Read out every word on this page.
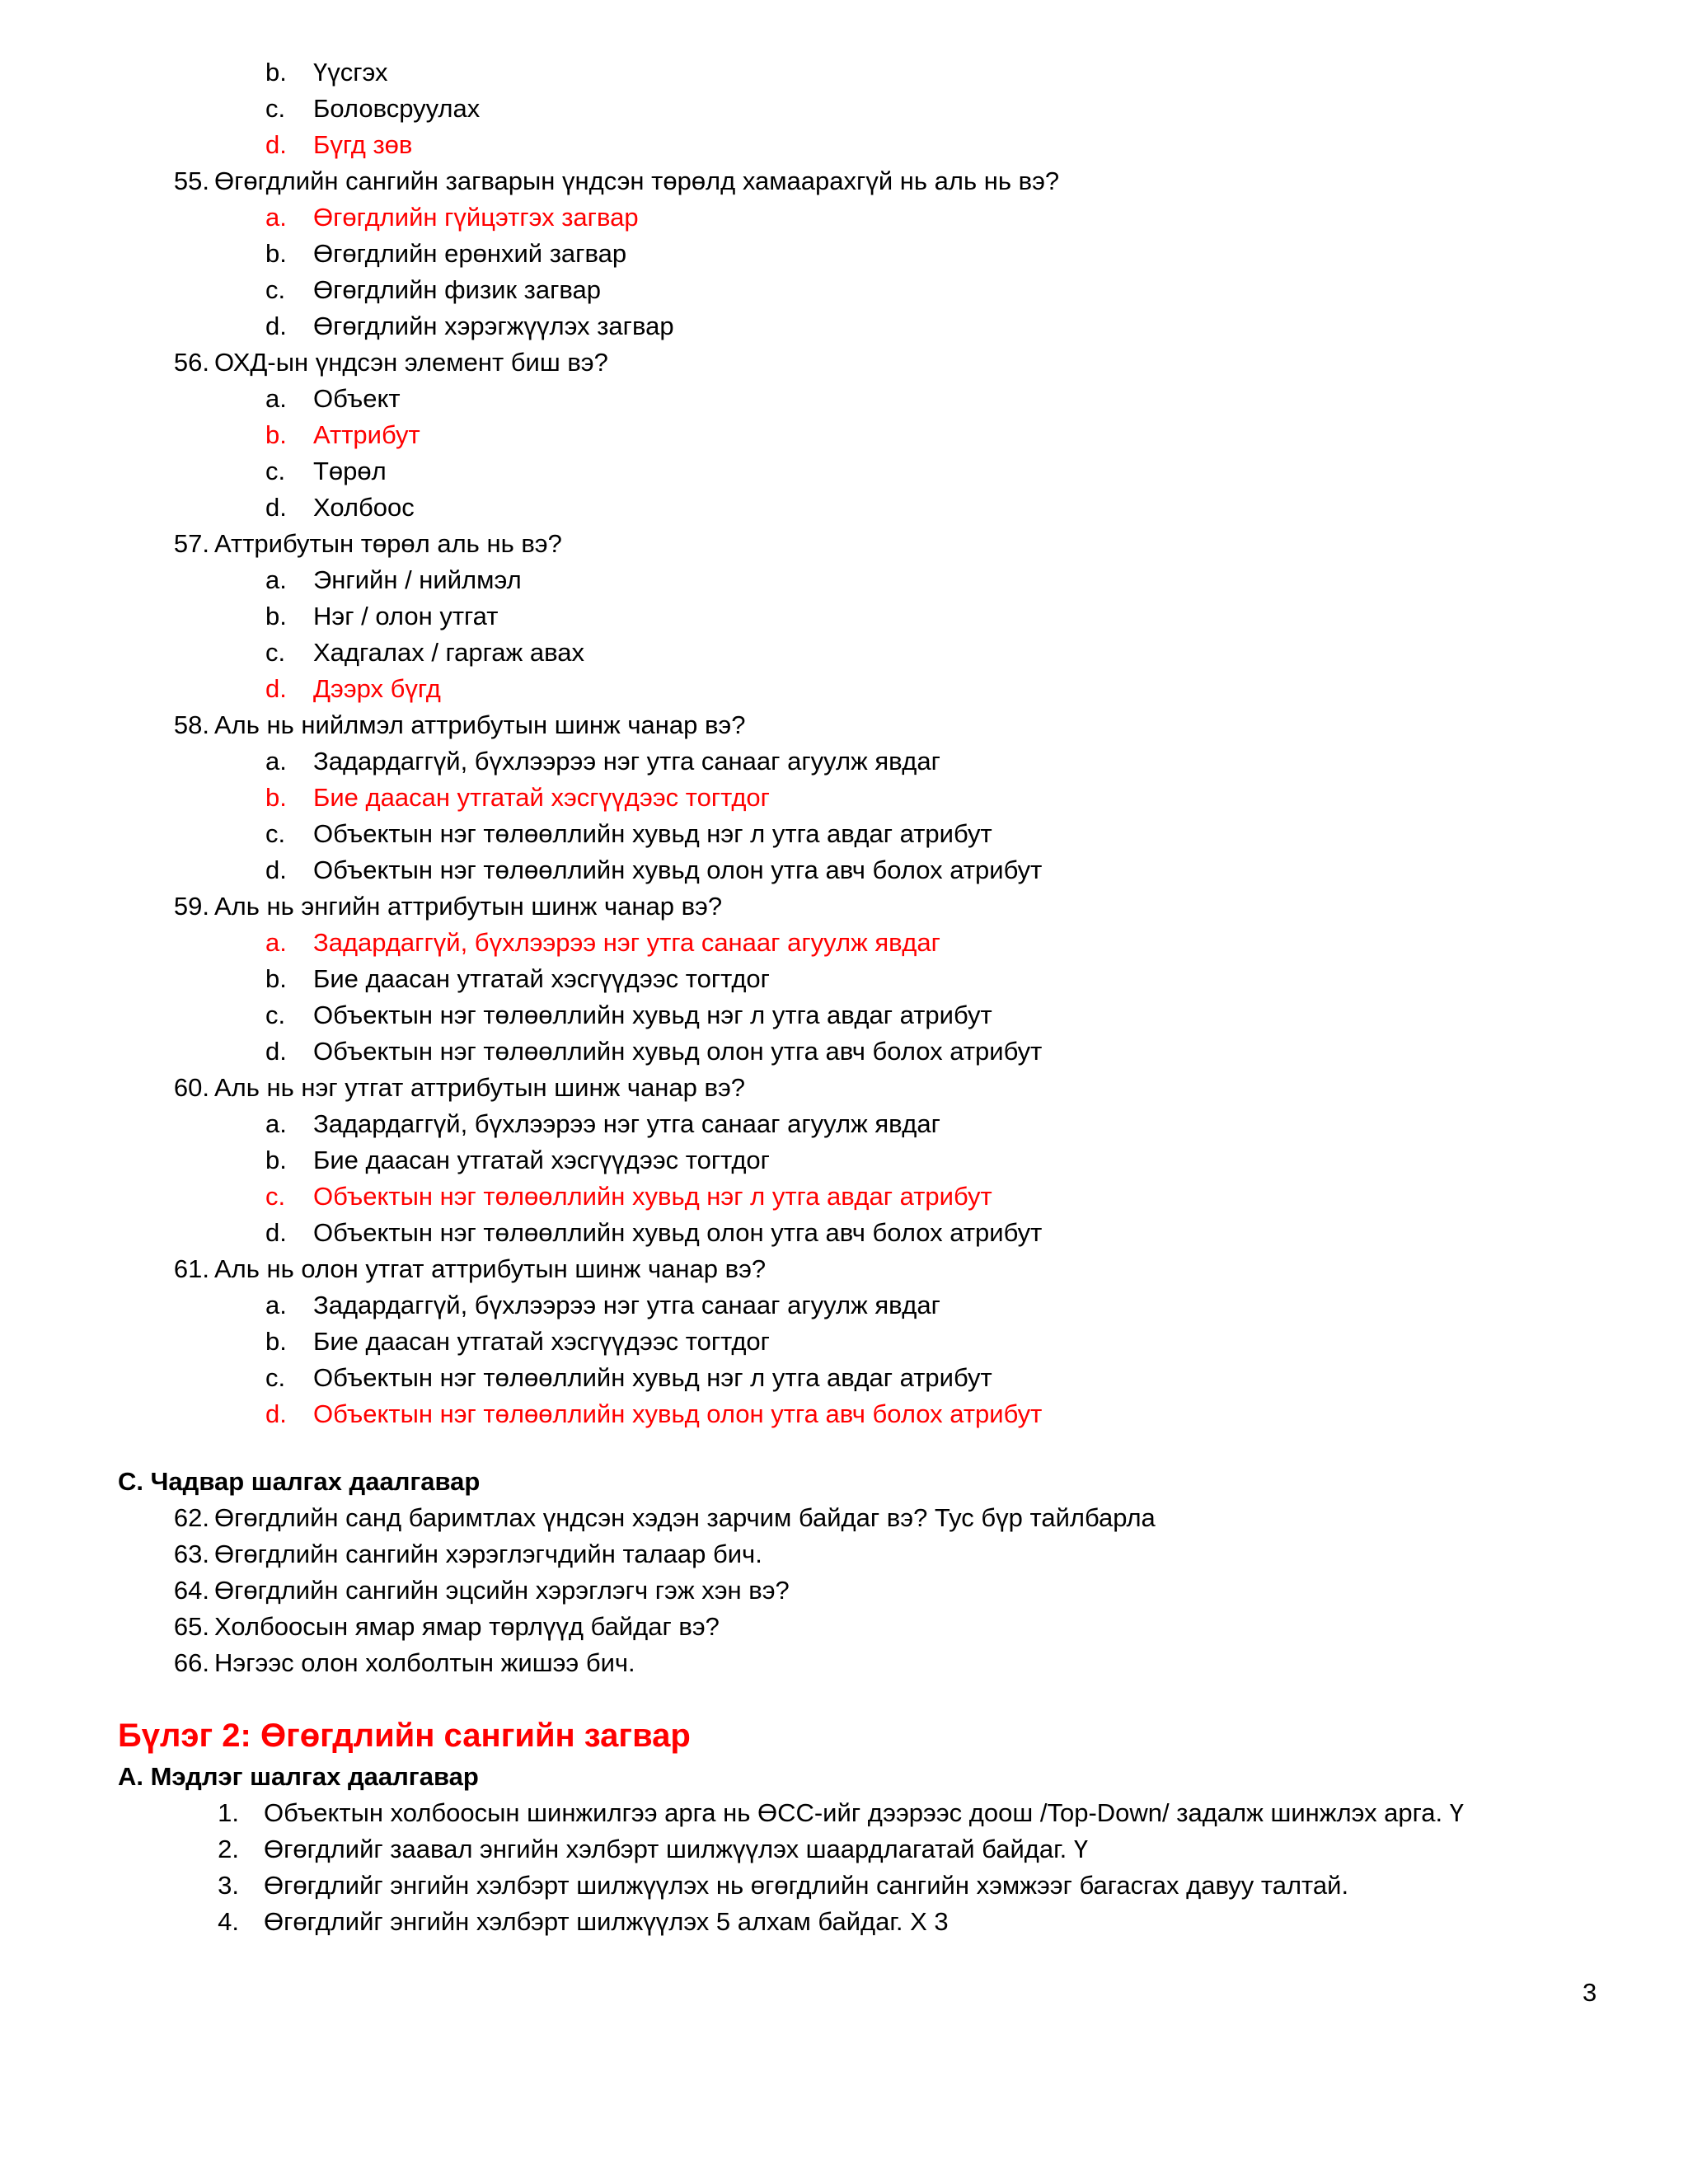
b. Үүсгэх
c. Боловсруулах
d. Бүгд зөв
55. Өгөгдлийн сангийн загварын үндсэн төрөлд хамаарахгүй нь аль нь вэ?
a. Өгөгдлийн гүйцэтгэх загвар
b. Өгөгдлийн ерөнхий загвар
c. Өгөгдлийн физик загвар
d. Өгөгдлийн хэрэгжүүлэх загвар
56. ОХД-ын үндсэн элемент биш вэ?
a. Объект
b. Аттрибут
c. Төрөл
d. Холбоос
57. Аттрибутын төрөл аль нь вэ?
a. Энгийн / нийлмэл
b. Нэг / олон утгат
c. Хадгалах / гаргаж авах
d. Дээрх бүгд
58. Аль нь нийлмэл аттрибутын шинж чанар вэ?
a. Задардаггүй, бүхлээрээ нэг утга санааг агуулж явдаг
b. Бие даасан утгатай хэсгүүдээс тогтдог
c. Объектын нэг төлөөллийн хувьд нэг л утга авдаг атрибут
d. Объектын нэг төлөөллийн хувьд олон утга авч болох атрибут
59. Аль нь энгийн аттрибутын шинж чанар вэ?
a. Задардаггүй, бүхлээрээ нэг утга санааг агуулж явдаг
b. Бие даасан утгатай хэсгүүдээс тогтдог
c. Объектын нэг төлөөллийн хувьд нэг л утга авдаг атрибут
d. Объектын нэг төлөөллийн хувьд олон утга авч болох атрибут
60. Аль нь нэг утгат аттрибутын шинж чанар вэ?
a. Задардаггүй, бүхлээрээ нэг утга санааг агуулж явдаг
b. Бие даасан утгатай хэсгүүдээс тогтдог
c. Объектын нэг төлөөллийн хувьд нэг л утга авдаг атрибут
d. Объектын нэг төлөөллийн хувьд олон утга авч болох атрибут
61. Аль нь олон утгат аттрибутын шинж чанар вэ?
a. Задардаггүй, бүхлээрээ нэг утга санааг агуулж явдаг
b. Бие даасан утгатай хэсгүүдээс тогтдог
c. Объектын нэг төлөөллийн хувьд нэг л утга авдаг атрибут
d. Объектын нэг төлөөллийн хувьд олон утга авч болох атрибут
C. Чадвар шалгах даалгавар
62. Өгөгдлийн санд баримтлах үндсэн хэдэн зарчим байдаг вэ? Тус бүр тайлбарла
63. Өгөгдлийн сангийн хэрэглэгчдийн талаар бич.
64. Өгөгдлийн сангийн эцсийн хэрэглэгч гэж хэн вэ?
65. Холбоосын ямар ямар төрлүүд байдаг вэ?
66. Нэгээс олон холболтын жишээ бич.
Бүлэг 2: Өгөгдлийн сангийн загвар
A. Мэдлэг шалгах даалгавар
1. Объектын холбоосын шинжилгээ арга нь ӨСС-ийг дээрээс доош /Top-Down/ задалж шинжлэх арга. Ү
2. Өгөгдлийг заавал энгийн хэлбэрт шилжүүлэх шаардлагатай байдаг. Ү
3. Өгөгдлийг энгийн хэлбэрт шилжүүлэх нь өгөгдлийн сангийн хэмжээг багасгах давуу талтай.
4. Өгөгдлийг энгийн хэлбэрт шилжүүлэх 5 алхам байдаг. Х 3
3
